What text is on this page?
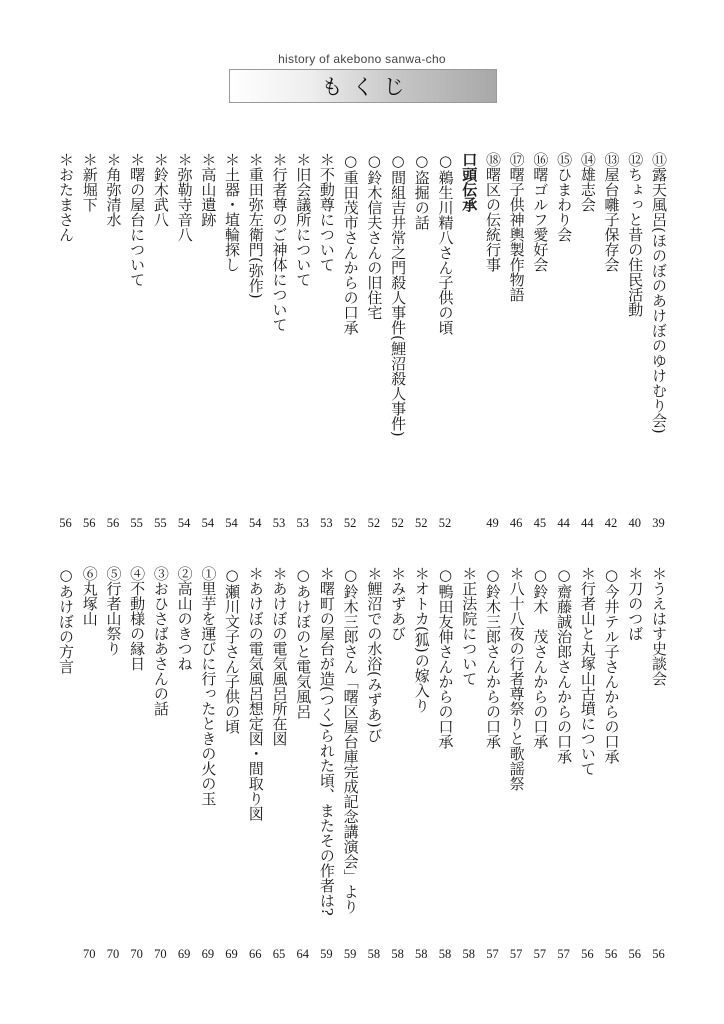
history of akebono sanwa-cho
もくじ
⑪露天風呂(ほのぼのあけぼのゆけむり会)
39
⑫ちょっと昔の住民活動
40
⑬屋台囃子保存会
42
⑭雄志会
44
⑮ひまわり会
44
⑯曙ゴルフ愛好会
45
⑰曙子供神輿製作物語
46
⑱曙区の伝統行事
49
口頭伝承
○鵜生川精八さん子供の頃
52
○盗掘の話
52
○間組吉井常之門殺人事件(鯉沼殺人事件)
52
○鈴木信夫さんの旧住宅
52
○重田茂市さんからの口承
52
＊不動尊について
53
＊旧会議所について
53
＊行者尊のご神体について
53
＊重田弥左衛門(弥作)
54
＊土器・埴輪探し
54
＊高山遺跡
54
＊弥勒寺音八
54
＊鈴木武八
55
＊曙の屋台について
55
＊角弥清水
56
＊新堀下
56
＊おたまさん
56
＊うえはす史談会
56
＊刀のつば
56
○今井テル子さんからの口承
56
＊行者山と丸塚山古墳について
56
○齋藤誠治郎さんからの口承
57
○鈴木　茂さんからの口承
57
＊八十八夜の行者尊祭りと歌謡祭
57
○鈴木三郎さんからの口承
57
＊正法院について
58
○鴨田友伸さんからの口承
58
＊オトカ(狐)の嫁入り
58
＊みずあび
58
＊鯉沼での水浴(みずあ)び
58
○鈴木三郎さん「曙区屋台庫完成記念講演会」より
59
＊曙町の屋台が造(つく)られた頃、またその作者は?
59
○あけぼのと電気風呂
64
＊あけぼの電気風呂所在図
65
＊あけぼの電気風呂想定図・間取り図
66
○瀬川文子さん子供の頃
69
①里芋を運びに行ったときの火の玉
69
②高山のきつね
69
③おひさばあさんの話
70
④不動様の縁日
70
⑤行者山祭り
70
⑥丸塚山
70
○あけぼの方言
